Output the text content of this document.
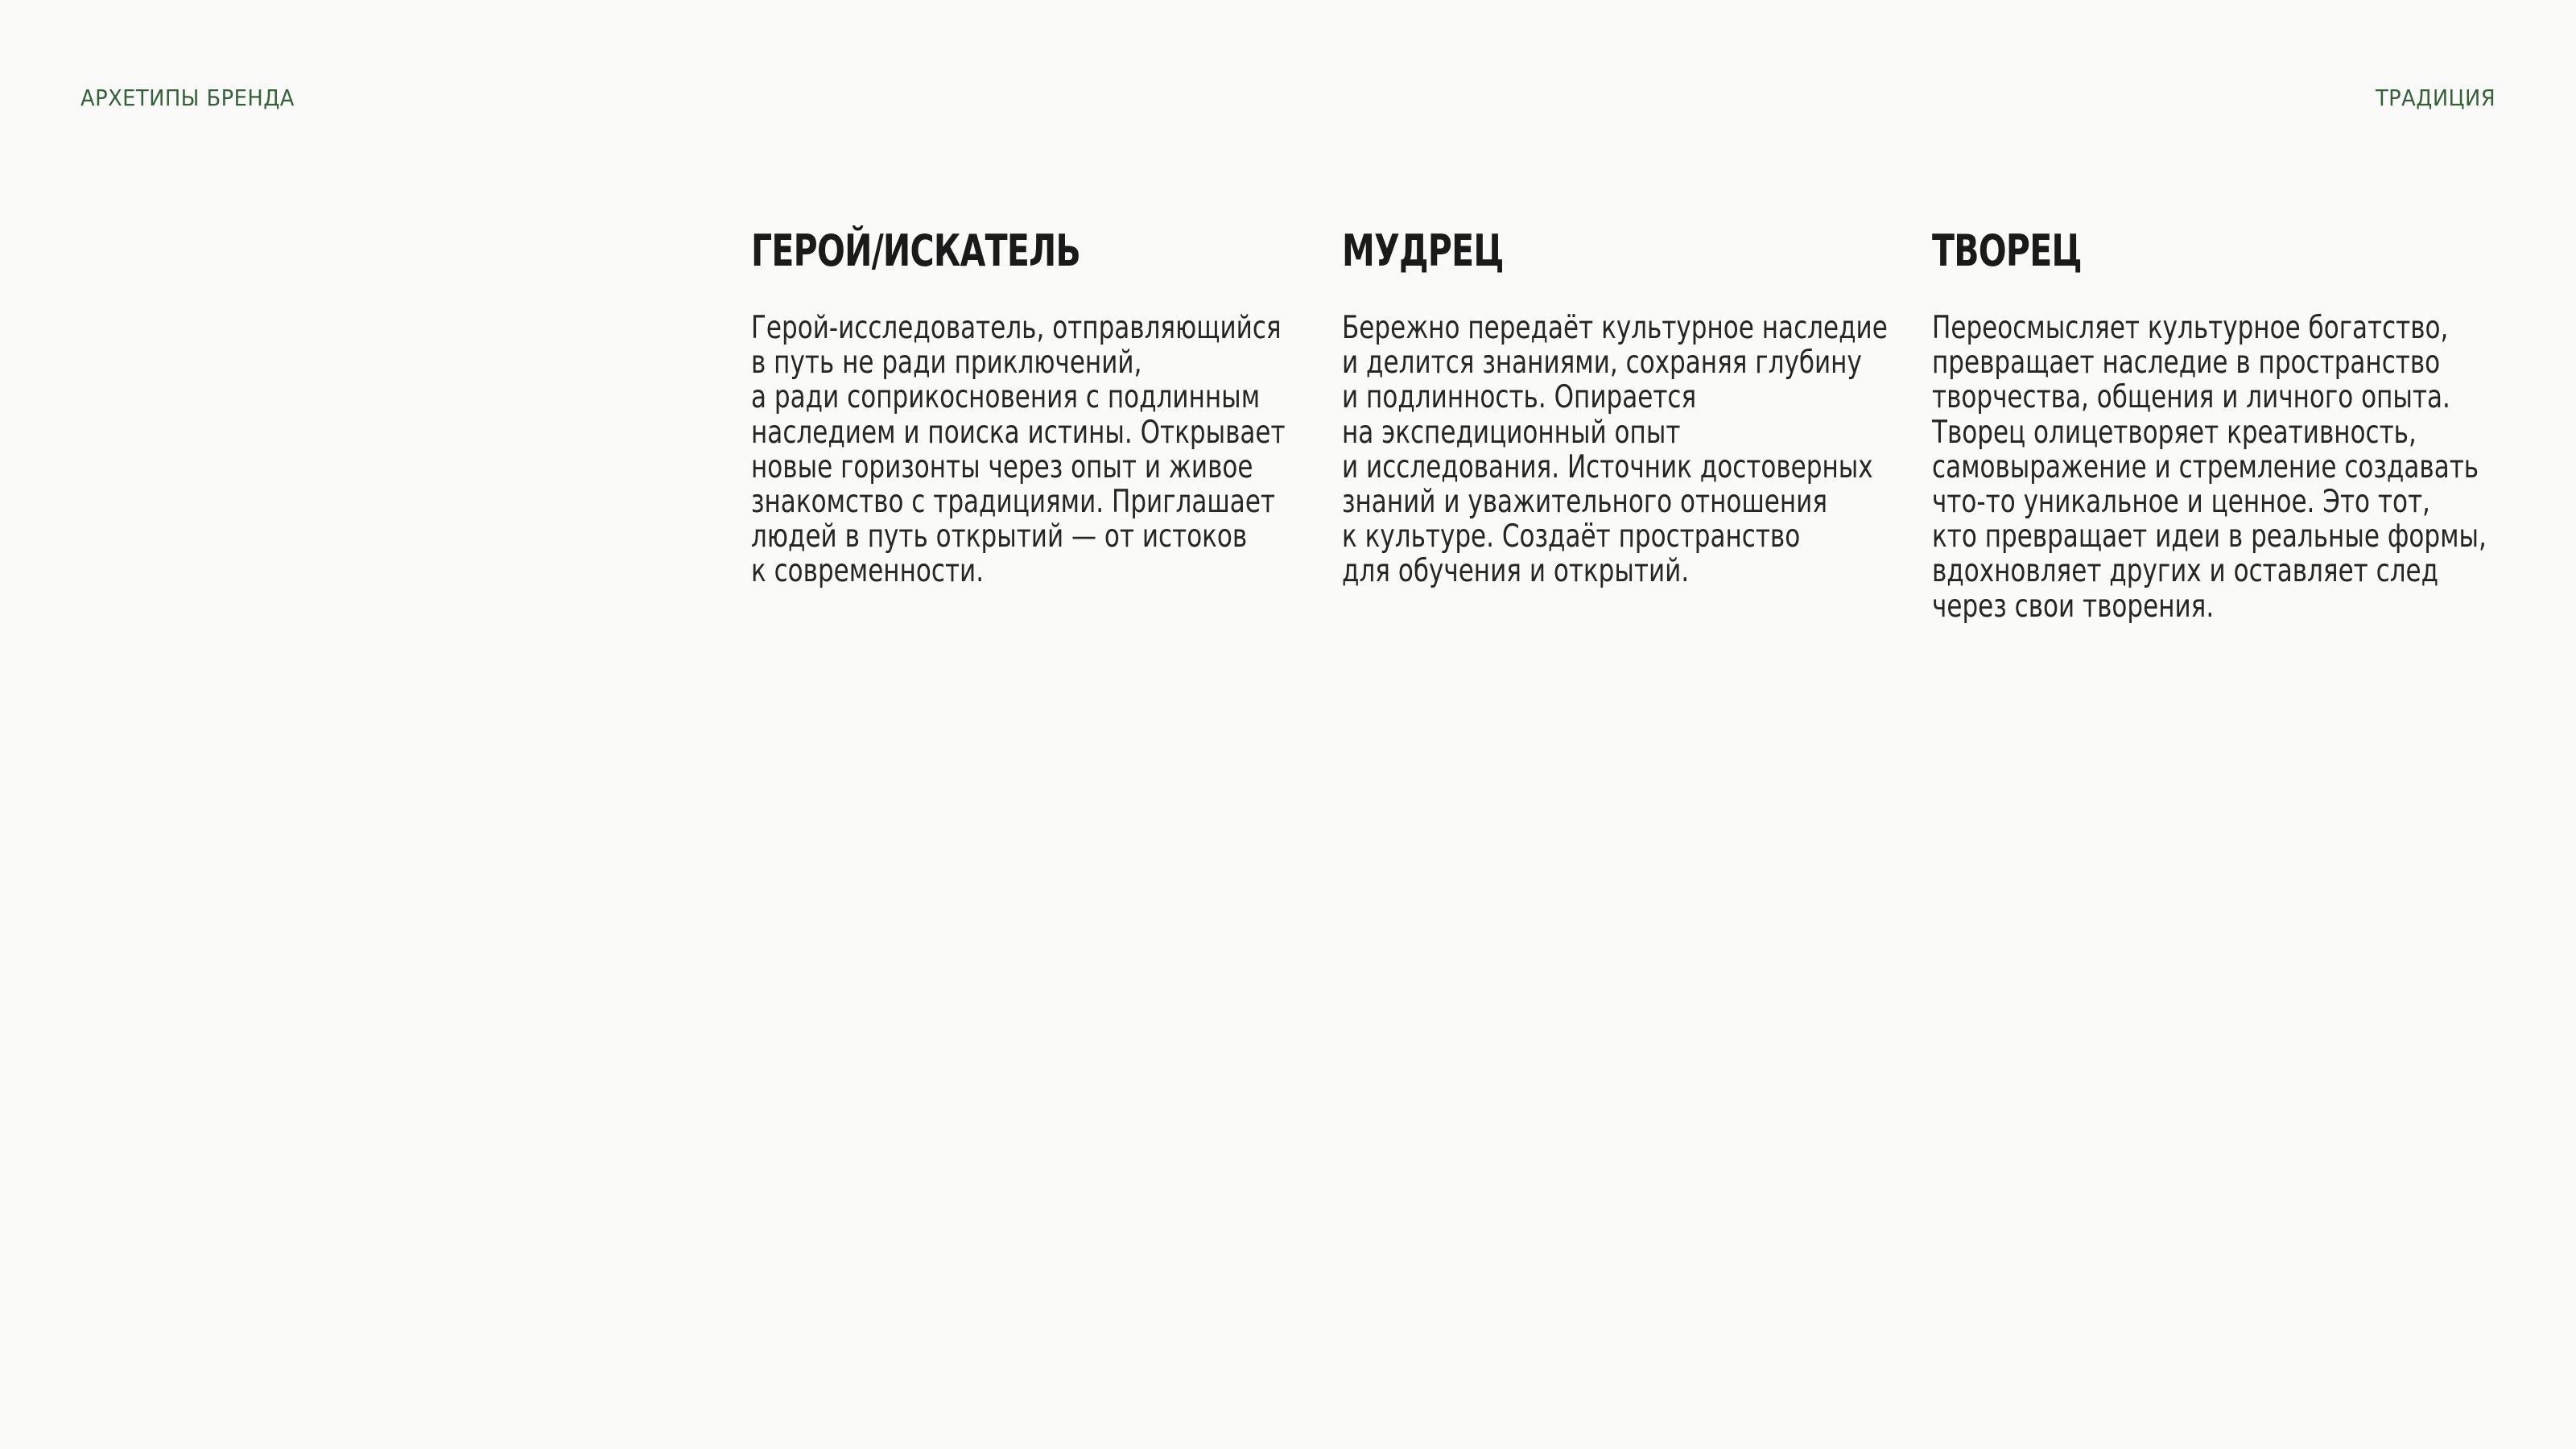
АРХЕТИПЫ БРЕНДА	ТРАДИЦИЯ
ГЕРОЙ/ИСКАТЕЛЬ

Герой-исследователь, отправляющийся
в путь не ради приключений,
а ради соприкосновения с подлинным
наследием и поиска истины. Открывает
новые горизонты через опыт и живое
знакомство с традициями. Приглашает
людей в путь открытий — от истоков
к современности.

МУДРЕЦ

Бережно передаёт культурное наследие
и делится знаниями, сохраняя глубину
и подлинность. Опирается
на экспедиционный опыт
и исследования. Источник достоверных
знаний и уважительного отношения
к культуре. Создаёт пространство
для обучения и открытий.

ТВОРЕЦ

Переосмысляет культурное богатство,
превращает наследие в пространство
творчества, общения и личного опыта.
Творец олицетворяет креативность,
самовыражение и стремление создавать
что-то уникальное и ценное. Это тот,
кто превращает идеи в реальные формы,
вдохновляет других и оставляет след
через свои творения.
